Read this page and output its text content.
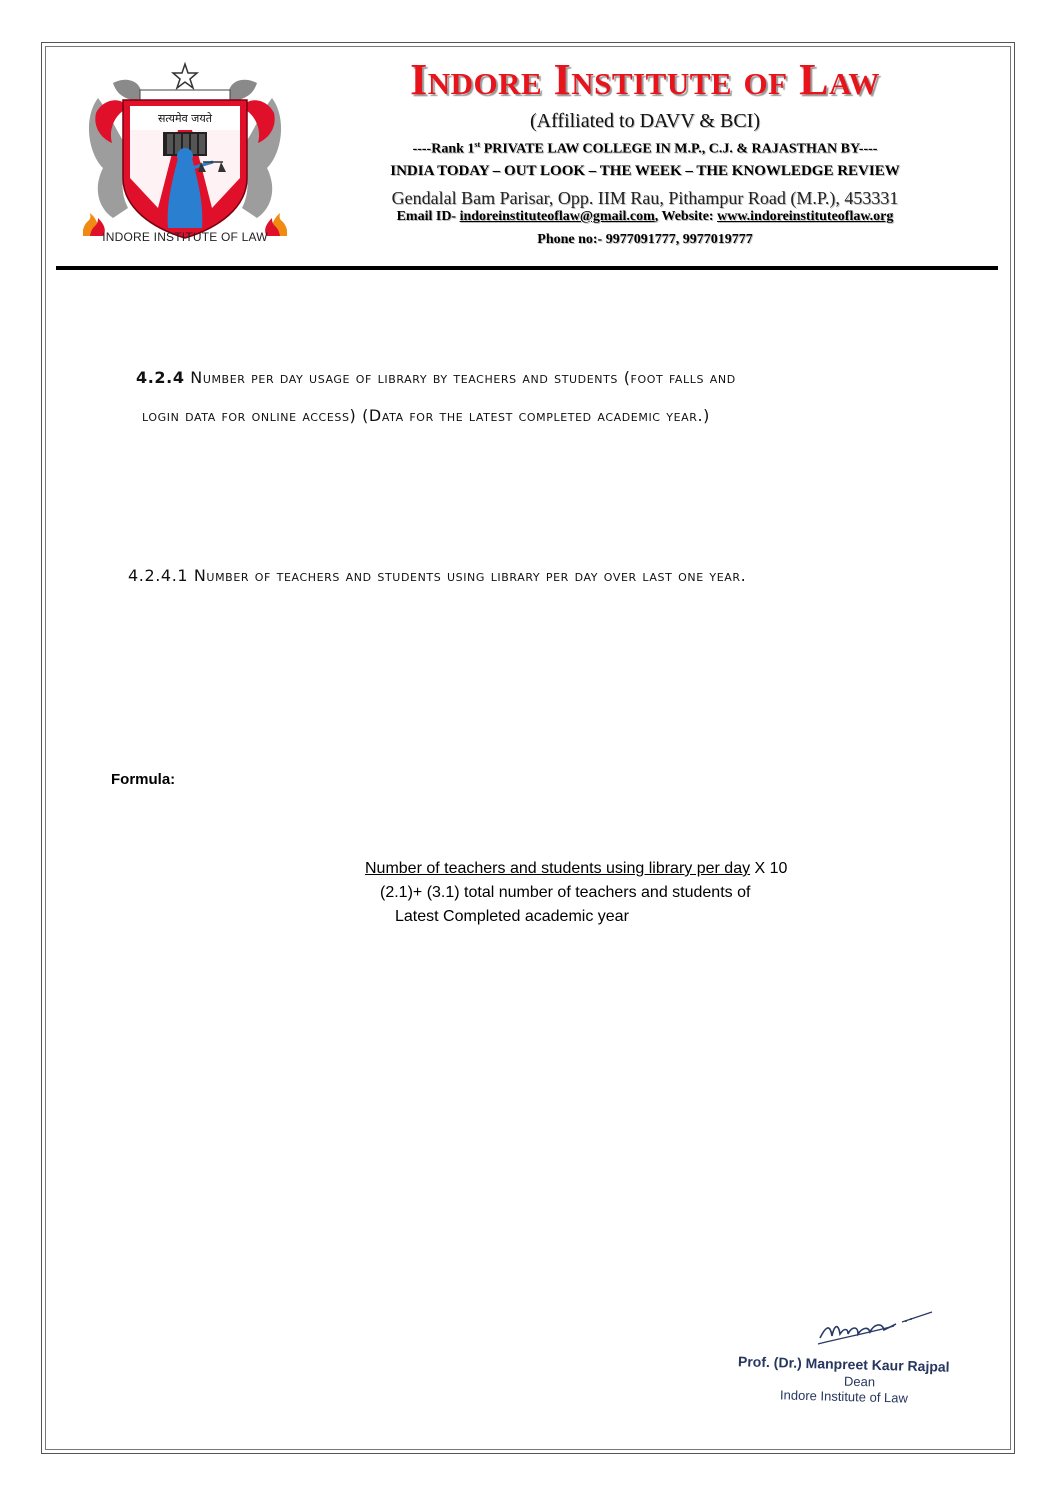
सत्यमेव जयते
INDORE INSTITUTE OF LAW
Indore Institute of Law
(Affiliated to DAVV & BCI)
----Rank 1st PRIVATE LAW COLLEGE IN M.P., C.J. & RAJASTHAN BY----
INDIA TODAY – OUT LOOK – THE WEEK – THE KNOWLEDGE REVIEW
Gendalal Bam Parisar, Opp. IIM Rau, Pithampur Road (M.P.), 453331
Email ID- indoreinstituteoflaw@gmail.com, Website: www.indoreinstituteoflaw.org
Phone no:- 9977091777, 9977019777
4.2.4 Number per day usage of library by teachers and students (foot falls and
login data for online access) (Data for the latest completed academic year.)
4.2.4.1 Number of teachers and students using library per day over last one year.
Formula:
Number of teachers and students using library per day X 10
(2.1)+ (3.1) total number of teachers and students of
Latest Completed academic year
Prof. (Dr.) Manpreet Kaur Rajpal
Dean
Indore Institute of Law
